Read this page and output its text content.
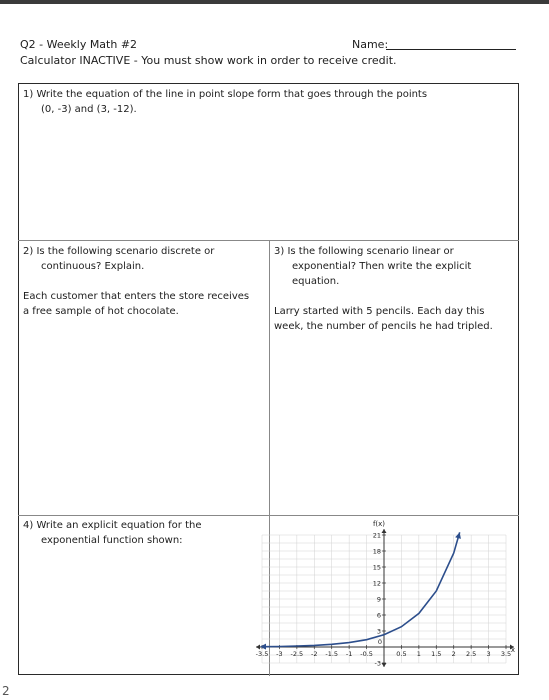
Q2 - Weekly Math #2	Name:
Calculator INACTIVE - You must show work in order to receive credit.
1) Write the equation of the line in point slope form that goes through the points
(0, -3) and (3, -12).
2) Is the following scenario discrete or
continuous? Explain.
Each customer that enters the store receives
a free sample of hot chocolate.
3) Is the following scenario linear or
exponential? Then write the explicit
equation.
Larry started with 5 pencils. Each day this
week, the number of pencils he had tripled.
4) Write an explicit equation for the
exponential function shown:
-3.5 -3 -2.5 -2 -1.5 -1 -0.5
0
0.5 1 1.5 2 2.5 3 3.5
21
18
15
12
9
6
3
-3
f(x)
x
2
